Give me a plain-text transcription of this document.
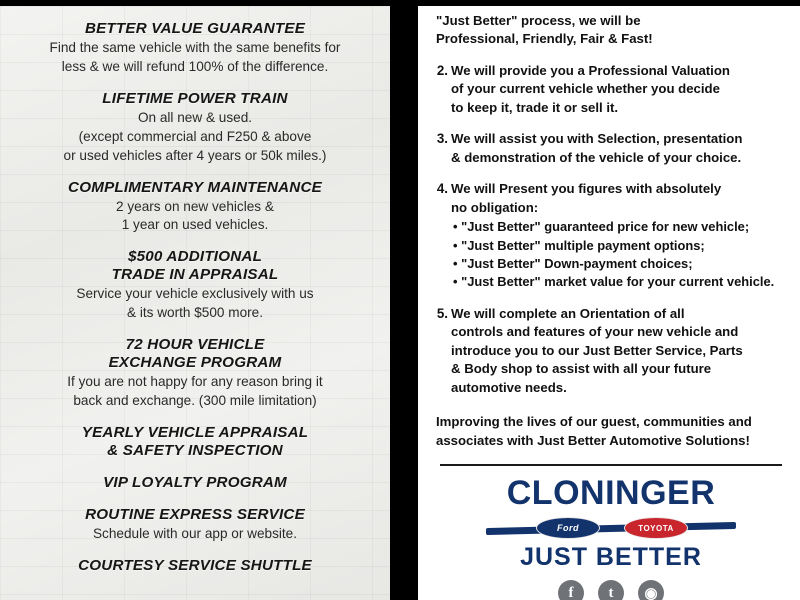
BETTER VALUE GUARANTEE
Find the same vehicle with the same benefits for
less & we will refund 100% of the difference.
LIFETIME POWER TRAIN
On all new & used.
(except commercial and F250 & above
or used vehicles after 4 years or 50k miles.)
COMPLIMENTARY MAINTENANCE
2 years on new vehicles &
1 year on used vehicles.
$500 ADDITIONAL
TRADE IN APPRAISAL
Service your vehicle exclusively with us
& its worth $500 more.
72 HOUR VEHICLE
EXCHANGE PROGRAM
If you are not happy for any reason bring it
back and exchange. (300 mile limitation)
YEARLY VEHICLE APPRAISAL
& SAFETY INSPECTION
VIP LOYALTY PROGRAM
ROUTINE EXPRESS SERVICE
Schedule with our app or website.
COURTESY SERVICE SHUTTLE
"Just Better" process, we will be
Professional, Friendly, Fair & Fast!
2. We will provide you a Professional Valuation
of your current vehicle whether you decide
to keep it, trade it or sell it.
3. We will assist you with Selection, presentation
& demonstration of the vehicle of your choice.
4. We will Present you figures with absolutely
no obligation:
• "Just Better" guaranteed price for new vehicle;
• "Just Better" multiple payment options;
• "Just Better" Down-payment choices;
• "Just Better" market value for your current vehicle.
5. We will complete an Orientation of all
controls and features of your new vehicle and
introduce you to our Just Better Service, Parts
& Body shop to assist with all your future
automotive needs.
Improving the lives of our guest, communities and
associates with Just Better Automotive Solutions!
CLONINGER
Ford	TOYOTA
JUST BETTER
f	t	◉
